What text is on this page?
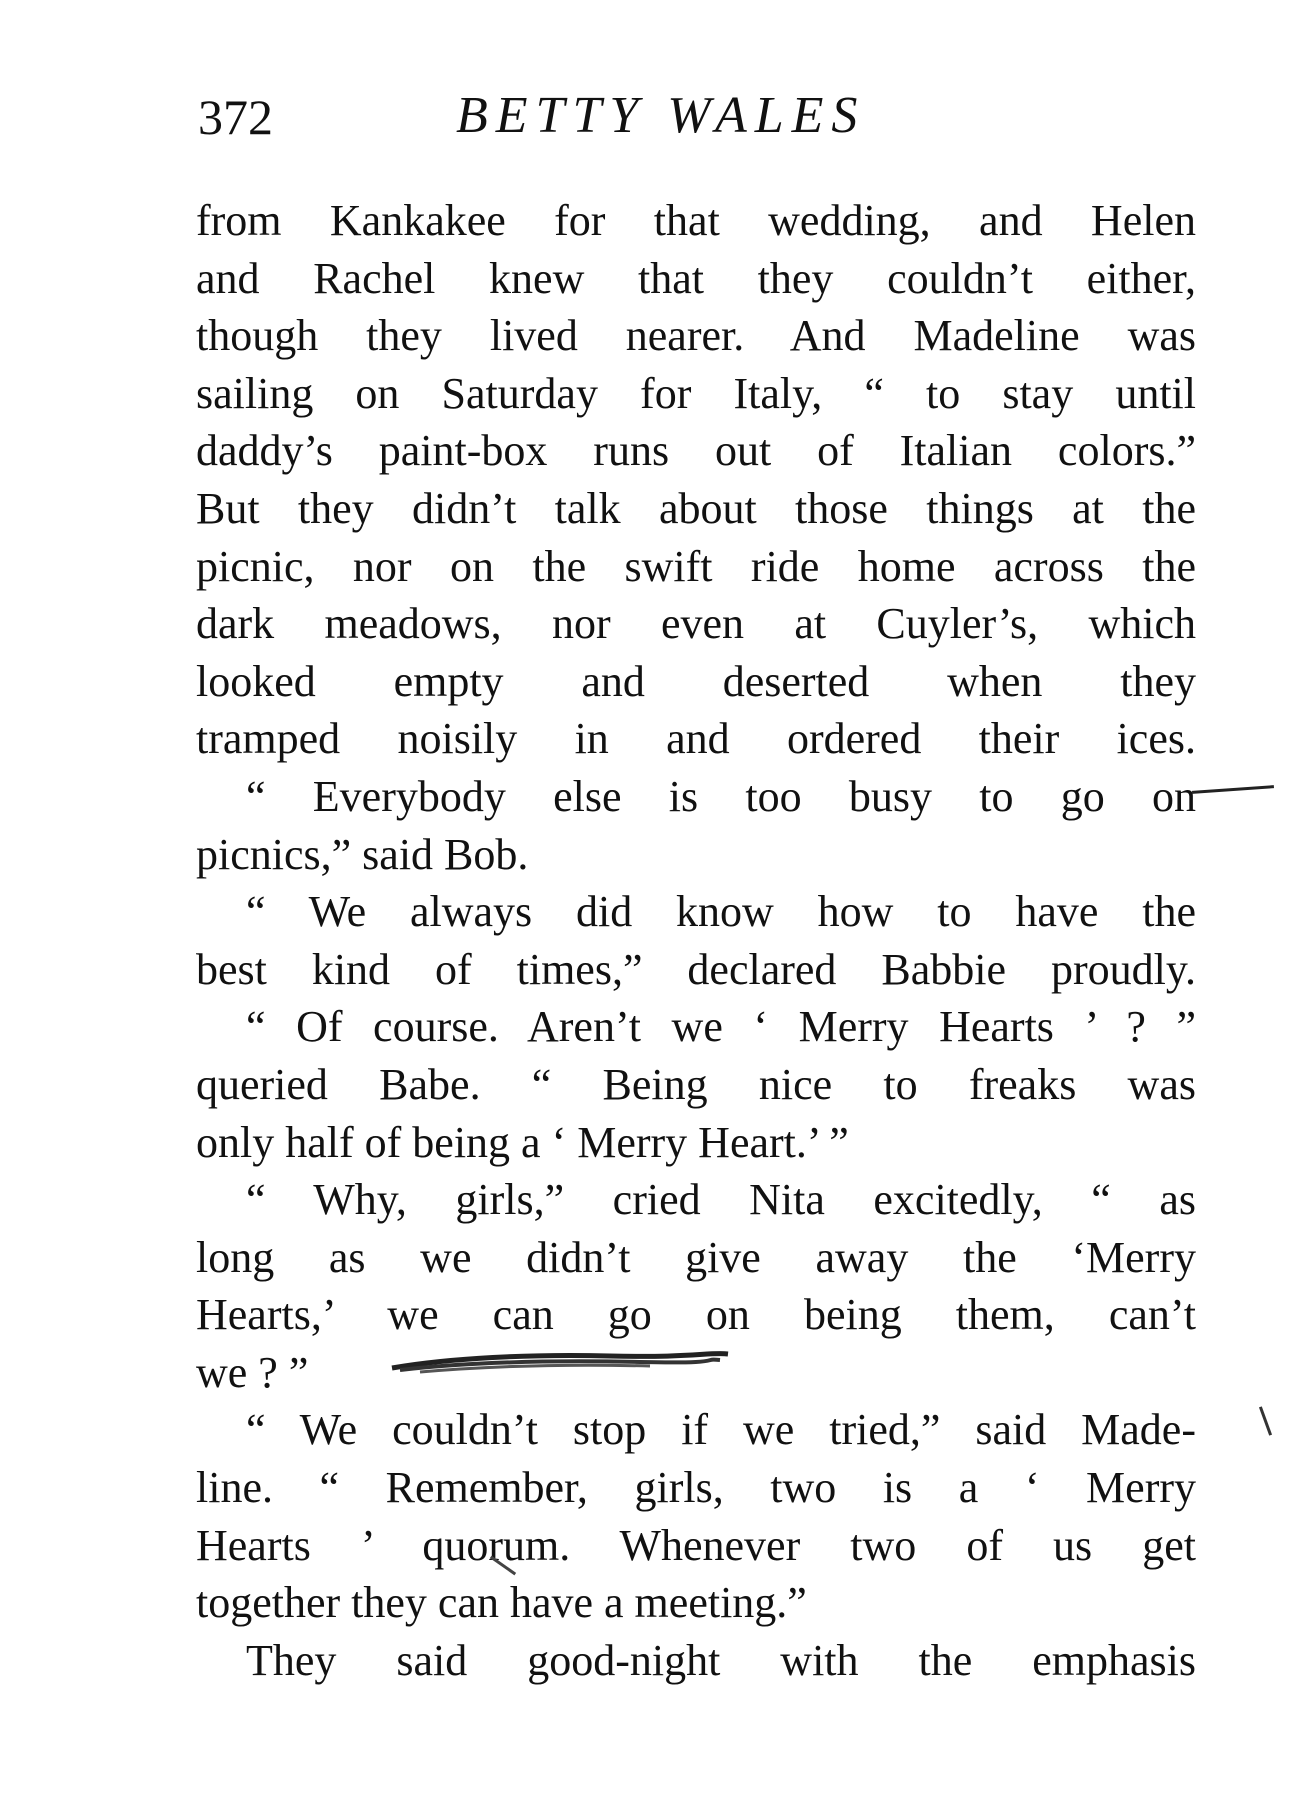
372	BETTY WALES
from Kankakee for that wedding, and Helen
and Rachel knew that they couldn’t either,
though they lived nearer. And Madeline was
sailing on Saturday for Italy, “ to stay until
daddy’s paint-box runs out of Italian colors.”
But they didn’t talk about those things at the
picnic, nor on the swift ride home across the
dark meadows, nor even at Cuyler’s, which
looked empty and deserted when they
tramped noisily in and ordered their ices.
“ Everybody else is too busy to go on
picnics,” said Bob.
“ We always did know how to have the
best kind of times,” declared Babbie proudly.
“ Of course. Aren’t we ‘ Merry Hearts ’ ? ”
queried Babe. “ Being nice to freaks was
only half of being a ‘ Merry Heart.’ ”
“ Why, girls,” cried Nita excitedly, “ as
long as we didn’t give away the ‘Merry
Hearts,’ we can go on being them, can’t
we ? ”
“ We couldn’t stop if we tried,” said Made-
line. “ Remember, girls, two is a ‘ Merry
Hearts ’ quorum. Whenever two of us get
together they can have a meeting.”
They said good-night with the emphasis
